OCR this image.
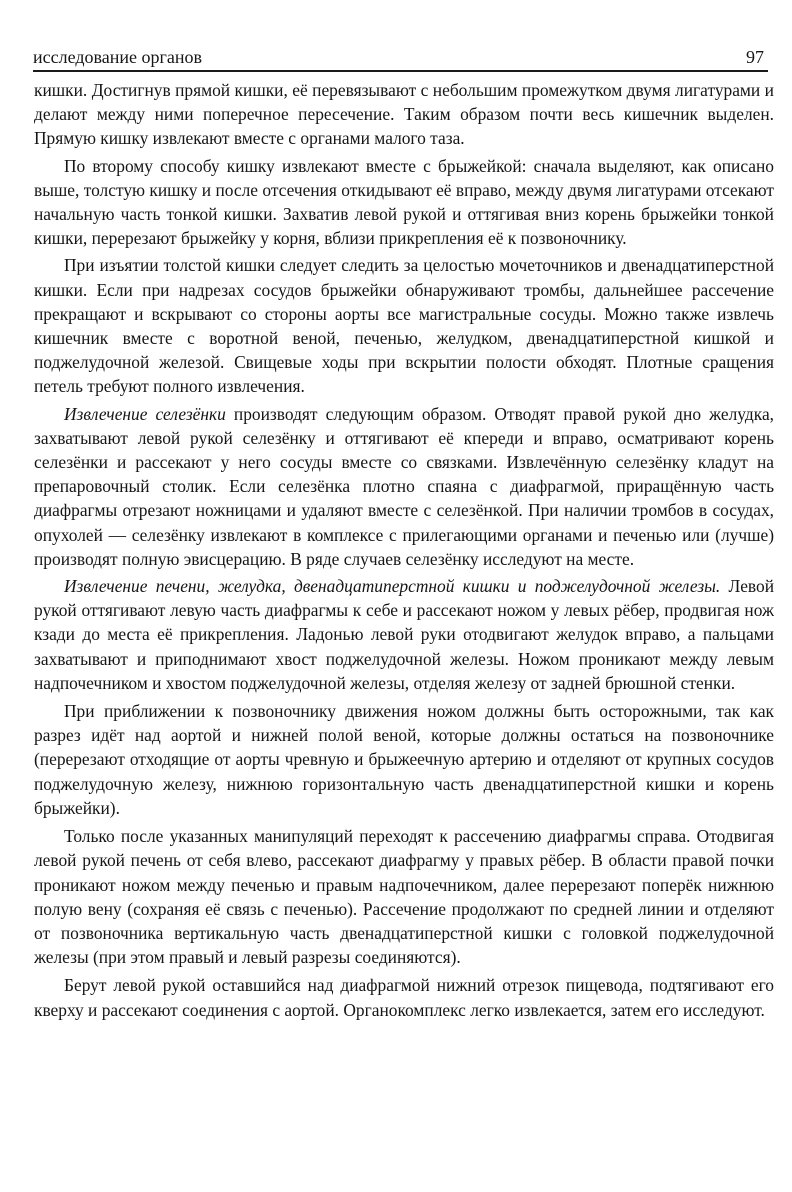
исследование органов	97

кишки. Достигнув прямой кишки, её перевязывают с небольшим промежутком двумя лигатурами и делают между ними поперечное пересечение. Таким образом почти весь кишечник выделен. Прямую кишку извлекают вместе с органами малого таза.

По второму способу кишку извлекают вместе с брыжейкой: сначала выделяют, как описано выше, толстую кишку и после отсечения откидывают её вправо, между двумя лигатурами отсекают начальную часть тонкой кишки. Захватив левой рукой и оттягивая вниз корень брыжейки тонкой кишки, перерезают брыжейку у корня, вблизи прикрепления её к позвоночнику.

При изъятии толстой кишки следует следить за целостью мочеточников и двенадцатиперстной кишки. Если при надрезах сосудов брыжейки обнаруживают тромбы, дальнейшее рассечение прекращают и вскрывают со стороны аорты все магистральные сосуды. Можно также извлечь кишечник вместе с воротной веной, печенью, желудком, двенадцатиперстной кишкой и поджелудочной железой. Свищевые ходы при вскрытии полости обходят. Плотные сращения петель требуют полного извлечения.

Извлечение селезёнки производят следующим образом. Отводят правой рукой дно желудка, захватывают левой рукой селезёнку и оттягивают её кпереди и вправо, осматривают корень селезёнки и рассекают у него сосуды вместе со связками. Извлечённую селезёнку кладут на препаровочный столик. Если селезёнка плотно спаяна с диафрагмой, приращённую часть диафрагмы отрезают ножницами и удаляют вместе с селезёнкой. При наличии тромбов в сосудах, опухолей — селезёнку извлекают в комплексе с прилегающими органами и печенью или (лучше) производят полную эвисцерацию. В ряде случаев селезёнку исследуют на месте.

Извлечение печени, желудка, двенадцатиперстной кишки и поджелудочной железы. Левой рукой оттягивают левую часть диафрагмы к себе и рассекают ножом у левых рёбер, продвигая нож кзади до места её прикрепления. Ладонью левой руки отодвигают желудок вправо, а пальцами захватывают и приподнимают хвост поджелудочной железы. Ножом проникают между левым надпочечником и хвостом поджелудочной железы, отделяя железу от задней брюшной стенки.

При приближении к позвоночнику движения ножом должны быть осторожными, так как разрез идёт над аортой и нижней полой веной, которые должны остаться на позвоночнике (перерезают отходящие от аорты чревную и брыжеечную артерию и отделяют от крупных сосудов поджелудочную железу, нижнюю горизонтальную часть двенадцатиперстной кишки и корень брыжейки).

Только после указанных манипуляций переходят к рассечению диафрагмы справа. Отодвигая левой рукой печень от себя влево, рассекают диафрагму у правых рёбер. В области правой почки проникают ножом между печенью и правым надпочечником, далее перерезают поперёк нижнюю полую вену (сохраняя её связь с печенью). Рассечение продолжают по средней линии и отделяют от позвоночника вертикальную часть двенадцатиперстной кишки с головкой поджелудочной железы (при этом правый и левый разрезы соединяются).

Берут левой рукой оставшийся над диафрагмой нижний отрезок пищевода, подтягивают его кверху и рассекают соединения с аортой. Органокомплекс легко извлекается, затем его исследуют.
